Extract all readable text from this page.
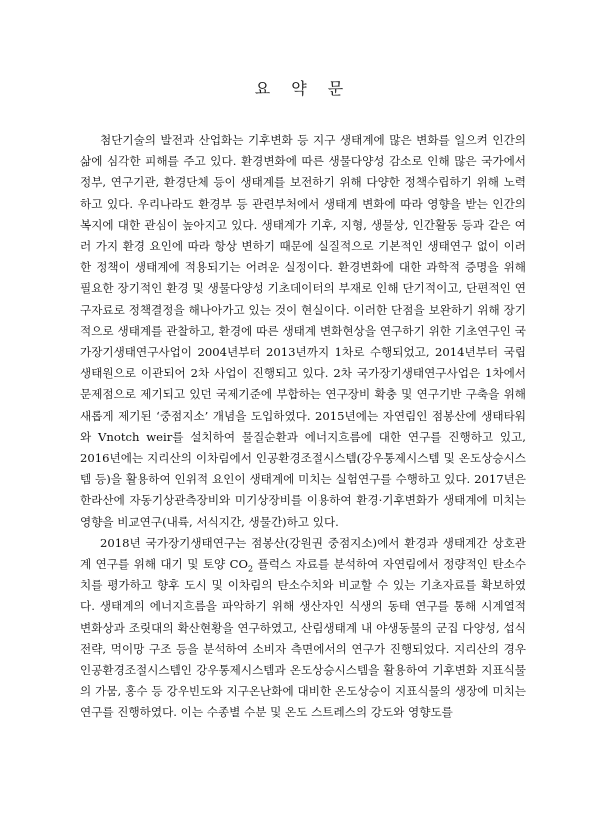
요 약 문

첨단기술의 발전과 산업화는 기후변화 등 지구 생태계에 많은 변화를 일으켜 인간의 삶에 심각한 피해를 주고 있다. 환경변화에 따른 생물다양성 감소로 인해 많은 국가에서 정부, 연구기관, 환경단체 등이 생태계를 보전하기 위해 다양한 정책수립하기 위해 노력하고 있다. 우리나라도 환경부 등 관련부처에서 생태계 변화에 따라 영향을 받는 인간의 복지에 대한 관심이 높아지고 있다. 생태계가 기후, 지형, 생물상, 인간활동 등과 같은 여러 가지 환경 요인에 따라 항상 변하기 때문에 실질적으로 기본적인 생태연구 없이 이러한 정책이 생태계에 적용되기는 어려운 실정이다. 환경변화에 대한 과학적 증명을 위해 필요한 장기적인 환경 및 생물다양성 기초데이터의 부재로 인해 단기적이고, 단편적인 연구자료로 정책결정을 해나아가고 있는 것이 현실이다. 이러한 단점을 보완하기 위해 장기적으로 생태계를 관찰하고, 환경에 따른 생태계 변화현상을 연구하기 위한 기초연구인 국가장기생태연구사업이 2004년부터 2013년까지 1차로 수행되었고, 2014년부터 국립생태원으로 이관되어 2차 사업이 진행되고 있다. 2차 국가장기생태연구사업은 1차에서 문제점으로 제기되고 있던 국제기준에 부합하는 연구장비 확충 및 연구기반 구축을 위해 새롭게 제기된 ‘중점지소’ 개념을 도입하였다. 2015년에는 자연림인 점봉산에 생태타워와 Vnotch weir를 설치하여 물질순환과 에너지흐름에 대한 연구를 진행하고 있고, 2016년에는 지리산의 이차림에서 인공환경조절시스템(강우통제시스템 및 온도상승시스템 등)을 활용하여 인위적 요인이 생태계에 미치는 실험연구를 수행하고 있다. 2017년은 한라산에 자동기상관측장비와 미기상장비를 이용하여 환경·기후변화가 생태계에 미치는 영향을 비교연구(내륙, 서식지간, 생물간)하고 있다.

2018년 국가장기생태연구는 점봉산(강원권 중점지소)에서 환경과 생태계간 상호관계 연구를 위해 대기 및 토양 $CO_2$ 플럭스 자료를 분석하여 자연림에서 정량적인 탄소수치를 평가하고 향후 도시 및 이차림의 탄소수치와 비교할 수 있는 기초자료를 확보하였다. 생태계의 에너지흐름을 파악하기 위해 생산자인 식생의 동태 연구를 통해 시계열적 변화상과 조릿대의 확산현황을 연구하였고, 산림생태계 내 야생동물의 군집 다양성, 섭식전략, 먹이망 구조 등을 분석하여 소비자 측면에서의 연구가 진행되었다. 지리산의 경우 인공환경조절시스템인 강우통제시스템과 온도상승시스템을 활용하여 기후변화 지표식물의 가뭄, 홍수 등 강우빈도와 지구온난화에 대비한 온도상승이 지표식물의 생장에 미치는 연구를 진행하였다. 이는 수종별 수분 및 온도 스트레스의 강도와 영향도를
